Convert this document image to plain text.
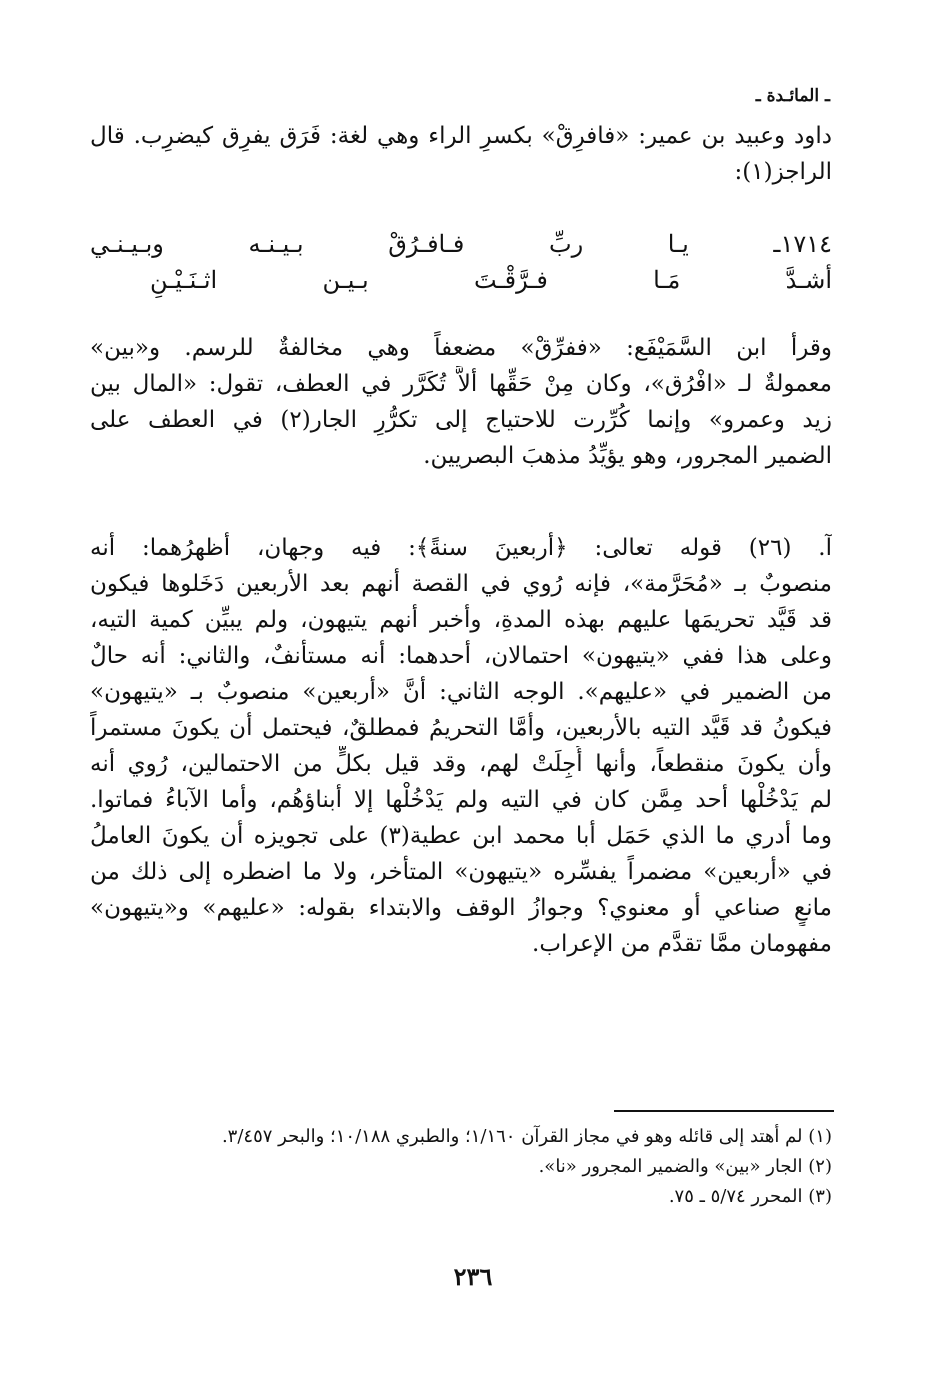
ـ المائـدة ـ
داود وعبيد بن عمير: «فافرِقْ» بكسرِ الراء وهي لغة: فَرَق يفرِق كيضرِب. قال
الراجز(١):
١٧١٤ـ يـا ربِّ فـافـرُقْ بـيـنـه وبـيـنـي
أشـدَّ مَـا فـرَّقْـتَ بـيـن اثـنَـيْـنِ
وقرأ ابن السَّمَيْفَع: «ففرِّقْ» مضعفاً وهي مخالفةٌ للرسم. و«بين»
معمولةٌ لـ «افْرُق»، وكان مِنْ حَقِّها ألاَّ تُكَرَّر في العطف، تقول: «المال بين
زيد وعمرو» وإنما كُرِّرت للاحتياج إلى تكرُّرِ الجار(٢) في العطف على
الضمير المجرور، وهو يؤيِّدُ مذهبَ البصريين.
آ. (٢٦) قوله تعالى: ﴿أربعينَ سنةً﴾: فيه وجهان، أظهرُهما: أنه
منصوبٌ بـ «مُحَرَّمة»، فإنه رُوي في القصة أنهم بعد الأربعين دَخَلوها فيكون
قد قَيَّد تحريمَها عليهم بهذه المدةِ، وأخبر أنهم يتيهون، ولم يبيِّن كمية التيه،
وعلى هذا ففي «يتيهون» احتمالان، أحدهما: أنه مستأنفٌ، والثاني: أنه حالٌ
من الضمير في «عليهم». الوجه الثاني: أنَّ «أربعين» منصوبٌ بـ «يتيهون»
فيكونُ قد قَيَّد التيه بالأربعين، وأمَّا التحريمُ فمطلقٌ، فيحتمل أن يكونَ مستمراً
وأن يكونَ منقطعاً، وأنها أُجِلَتْ لهم، وقد قيل بكلٍّ من الاحتمالين، رُوي أنه
لم يَدْخُلْها أحد مِمَّن كان في التيه ولم يَدْخُلْها إلا أبناؤهُم، وأما الآباءُ فماتوا.
وما أدري ما الذي حَمَل أبا محمد ابن عطية(٣) على تجويزه أن يكونَ العاملُ
في «أربعين» مضمراً يفسِّره «يتيهون» المتأخر، ولا ما اضطره إلى ذلك من
مانعٍ صناعي أو معنوي؟ وجوازُ الوقف والابتداء بقوله: «عليهم» و«يتيهون»
مفهومان ممَّا تقدَّم من الإعراب.
(١) لم أهتد إلى قائله وهو في مجاز القرآن ١/١٦٠؛ والطبري ١٠/١٨٨؛ والبحر ٣/٤٥٧.
(٢) الجار «بين» والضمير المجرور «نا».
(٣) المحرر ٥/٧٤ ـ ٧٥.
٢٣٦
